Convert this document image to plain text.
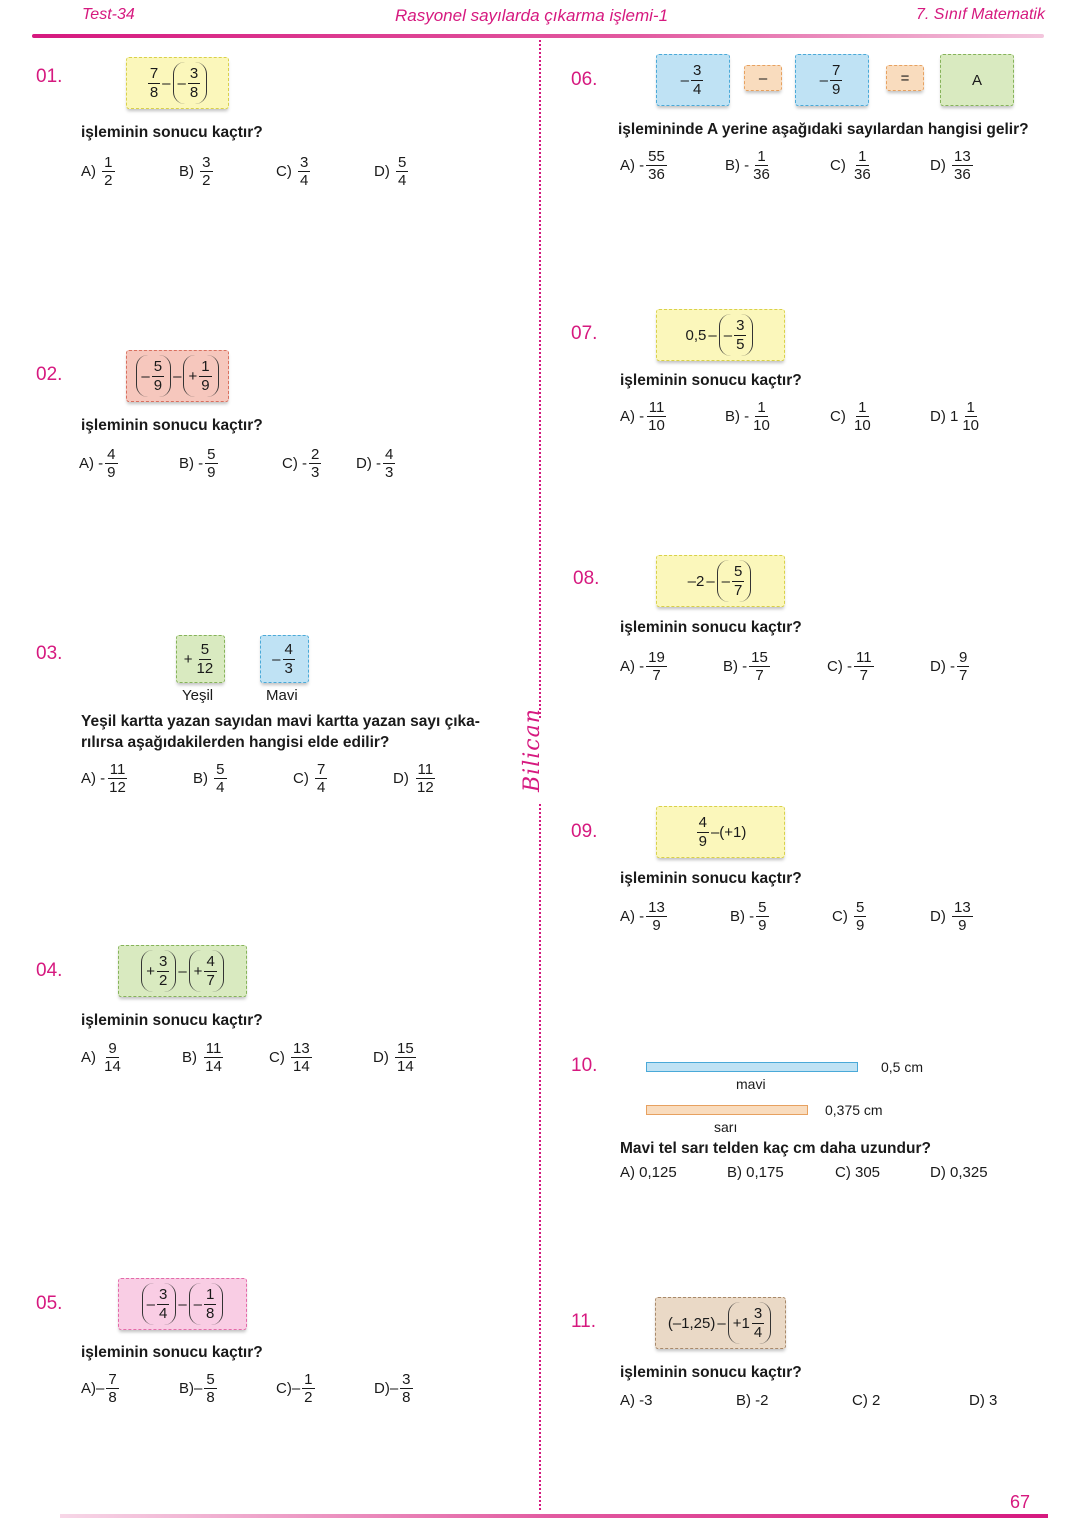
Test-34	Rasyonel sayılarda çıkarma işlemi-1	7. Sınıf Matematik
Bilican
01.	$\frac{7}{8}$ – – $\frac{3}{8}$
işleminin sonucu kaçtır?
A)
$\frac{1}{2}$	B)
$\frac{3}{2}$	C)
$\frac{3}{4}$	D)
$\frac{5}{4}$
02.	– $\frac{5}{9}$ – + $\frac{1}{9}$
işleminin sonucu kaçtır?
A)
- $\frac{4}{9}$	B)
- $\frac{5}{9}$	C)
- $\frac{2}{3} D$)
- $\frac{4}{3}$
03.	+ $\frac{5}{12}$	– $\frac{4}{3}$
Yeşil	Mavi
Yeşil kartta yazan sayıdan mavi kartta yazan sayı çıka-
rılırsa aşağıdakilerden hangisi elde edilir?
A)
- $\frac{11}{12}$	B)
$\frac{5}{4}$	C)
$\frac{7}{4}$	D)
$\frac{11}{12}$
04.	+ $\frac{3}{2}$ – + $\frac{4}{7}$
işleminin sonucu kaçtır?
A)
$\frac{9}{14}$	B)
$\frac{11}{14}$	C)
$\frac{13}{14}$	D)
$\frac{15}{14}$
05.	– $\frac{3}{4}$ – – $\frac{1}{8}$
işleminin sonucu kaçtır?
$A) - \frac{7}{8}$	$B) - \frac{5}{8}$	$C) - \frac{1}{2}$	$D) - \frac{3}{8}$
06.	– $\frac{3}{4}$	–	– $\frac{7}{9}$	=	A
işlemininde A yerine aşağıdaki sayılardan hangisi gelir?
A)
- $\frac{55}{36}$	B)
- $\frac{1}{36}$	C)
$\frac{1}{36}$	D)
$\frac{13}{36}$
07.	0,5 – – $\frac{3}{5}$
işleminin sonucu kaçtır?
A)
- $\frac{11}{10}$	B)
- $\frac{1}{10}$	C)
$\frac{1}{10}$	D)
$1 \frac{1}{10}$
08.	–2 – – $\frac{5}{7}$
işleminin sonucu kaçtır?
A)
- $\frac{19}{7}$	B)
- $\frac{15}{7}$	C)
- $\frac{11}{7}$	D)
- $\frac{9}{7}$
09.	$\frac{4}{9} -(+1)$
işleminin sonucu kaçtır?
A)
- $\frac{13}{9}$	B)
- $\frac{5}{9}$	C)
$\frac{5}{9}$	D)
$\frac{13}{9}$
10.	0,5 cm
mavi
0,375 cm
sarı
Mavi tel sarı telden kaç cm daha uzundur?
A) 0,125	B) 0,175	C) 305	D) 0,325
11.	$(-1,25) - +1 \frac{3}{4}$
işleminin sonucu kaçtır?
A) -3	B) -2	C) 2	D) 3
67
